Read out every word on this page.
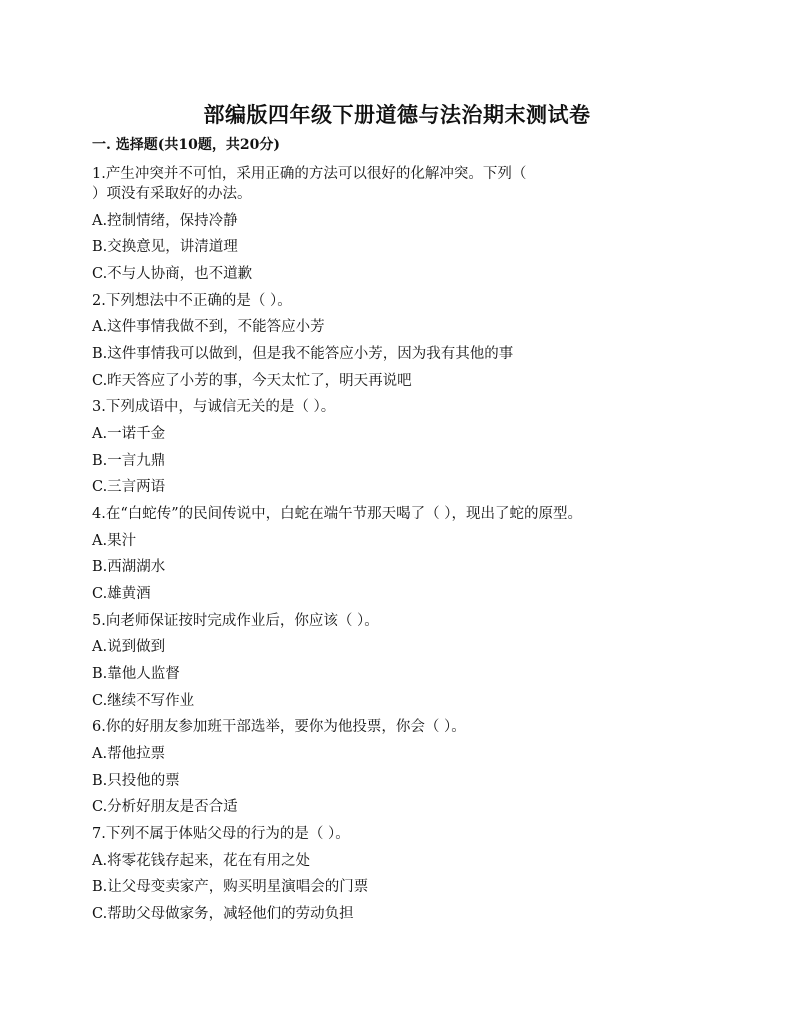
部编版四年级下册道德与法治期末测试卷
一. 选择题(共10题，共20分)
1.产生冲突并不可怕，采用正确的方法可以很好的化解冲突。下列（
）项没有采取好的办法。
A.控制情绪，保持冷静
B.交换意见，讲清道理
C.不与人协商，也不道歉
2.下列想法中不正确的是（ ）。
A.这件事情我做不到，不能答应小芳
B.这件事情我可以做到，但是我不能答应小芳，因为我有其他的事
C.昨天答应了小芳的事，今天太忙了，明天再说吧
3.下列成语中，与诚信无关的是（ ）。
A.一诺千金
B.一言九鼎
C.三言两语
4.在“白蛇传”的民间传说中，白蛇在端午节那天喝了（ ），现出了蛇的原型。
A.果汁
B.西湖湖水
C.雄黄酒
5.向老师保证按时完成作业后，你应该（ ）。
A.说到做到
B.靠他人监督
C.继续不写作业
6.你的好朋友参加班干部选举，要你为他投票，你会（ ）。
A.帮他拉票
B.只投他的票
C.分析好朋友是否合适
7.下列不属于体贴父母的行为的是（ ）。
A.将零花钱存起来，花在有用之处
B.让父母变卖家产，购买明星演唱会的门票
C.帮助父母做家务，减轻他们的劳动负担
